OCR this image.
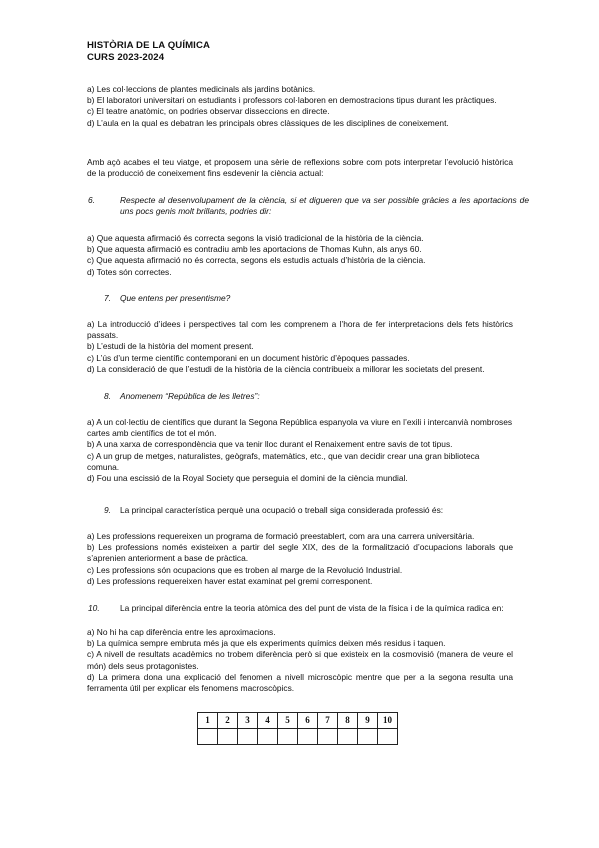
HISTÒRIA DE LA QUÍMICA
CURS 2023-2024

a) Les col·leccions de plantes medicinals als jardins botànics.

b) El laboratori universitari on estudiants i professors col·laboren en demostracions tipus durant les pràctiques.

c) El teatre anatòmic, on podries observar disseccions en directe.

d) L’aula en la qual es debatran les principals obres clàssiques de les disciplines de coneixement.

Amb açò acabes el teu viatge, et proposem una sèrie de reflexions sobre com pots interpretar l’evolució històrica de la producció de coneixement fins esdevenir la ciència actual:
6.	Respecte al desenvolupament de la ciència, si et digueren que va ser possible gràcies a les aportacions de uns pocs genis molt brillants, podries dir:

a) Que aquesta afirmació és correcta segons la visió tradicional de la història de la ciència.

b) Que aquesta afirmació es contradiu amb les aportacions de Thomas Kuhn, als anys 60.

c) Que aquesta afirmació no és correcta, segons els estudis actuals d’història de la ciència.

d) Totes són correctes.

7. Que entens per presentisme?

a) La introducció d’idees i perspectives tal com les comprenem a l’hora de fer interpretacions dels fets històrics passats.

b) L’estudi de la història del moment present.

c) L’ús d’un terme científic contemporani en un document històric d’èpoques passades.

d) La consideració de que l’estudi de la història de la ciència contribueix a millorar les societats del present.

8. Anomenem “República de les lletres”:

a) A un col·lectiu de científics que durant la Segona República espanyola va viure en l’exili i intercanvià nombroses cartes amb científics de tot el món.

b) A una xarxa de correspondència que va tenir lloc durant el Renaixement entre savis de tot tipus.

c) A un grup de metges, naturalistes, geògrafs, matemàtics, etc., que van decidir crear una gran biblioteca comuna.

d) Fou una escissió de la Royal Society que perseguia el domini de la ciència mundial.

9. La principal característica perquè una ocupació o treball siga considerada professió és:

a) Les professions requereixen un programa de formació preestablert, com ara una carrera universitària.

b) Les professions només existeixen a partir del segle XIX, des de la formalització d’ocupacions laborals que s’aprenien anteriorment a base de pràctica.

c) Les professions són ocupacions que es troben al marge de la Revolució Industrial.

d) Les professions requereixen haver estat examinat pel gremi corresponent.

10. La principal diferència entre la teoria atòmica des del punt de vista de la física i de la química radica en:

a) No hi ha cap diferència entre les aproximacions.

b) La química sempre embruta més ja que els experiments químics deixen més residus i taquen.

c) A nivell de resultats acadèmics no trobem diferència però si que existeix en la cosmovisió (manera de veure el món) dels seus protagonistes.

d) La primera dona una explicació del fenomen a nivell microscòpic mentre que per a la segona resulta una ferramenta útil per explicar els fenomens macroscòpics.

1	2	3	4	5	6	7	8	9	10
